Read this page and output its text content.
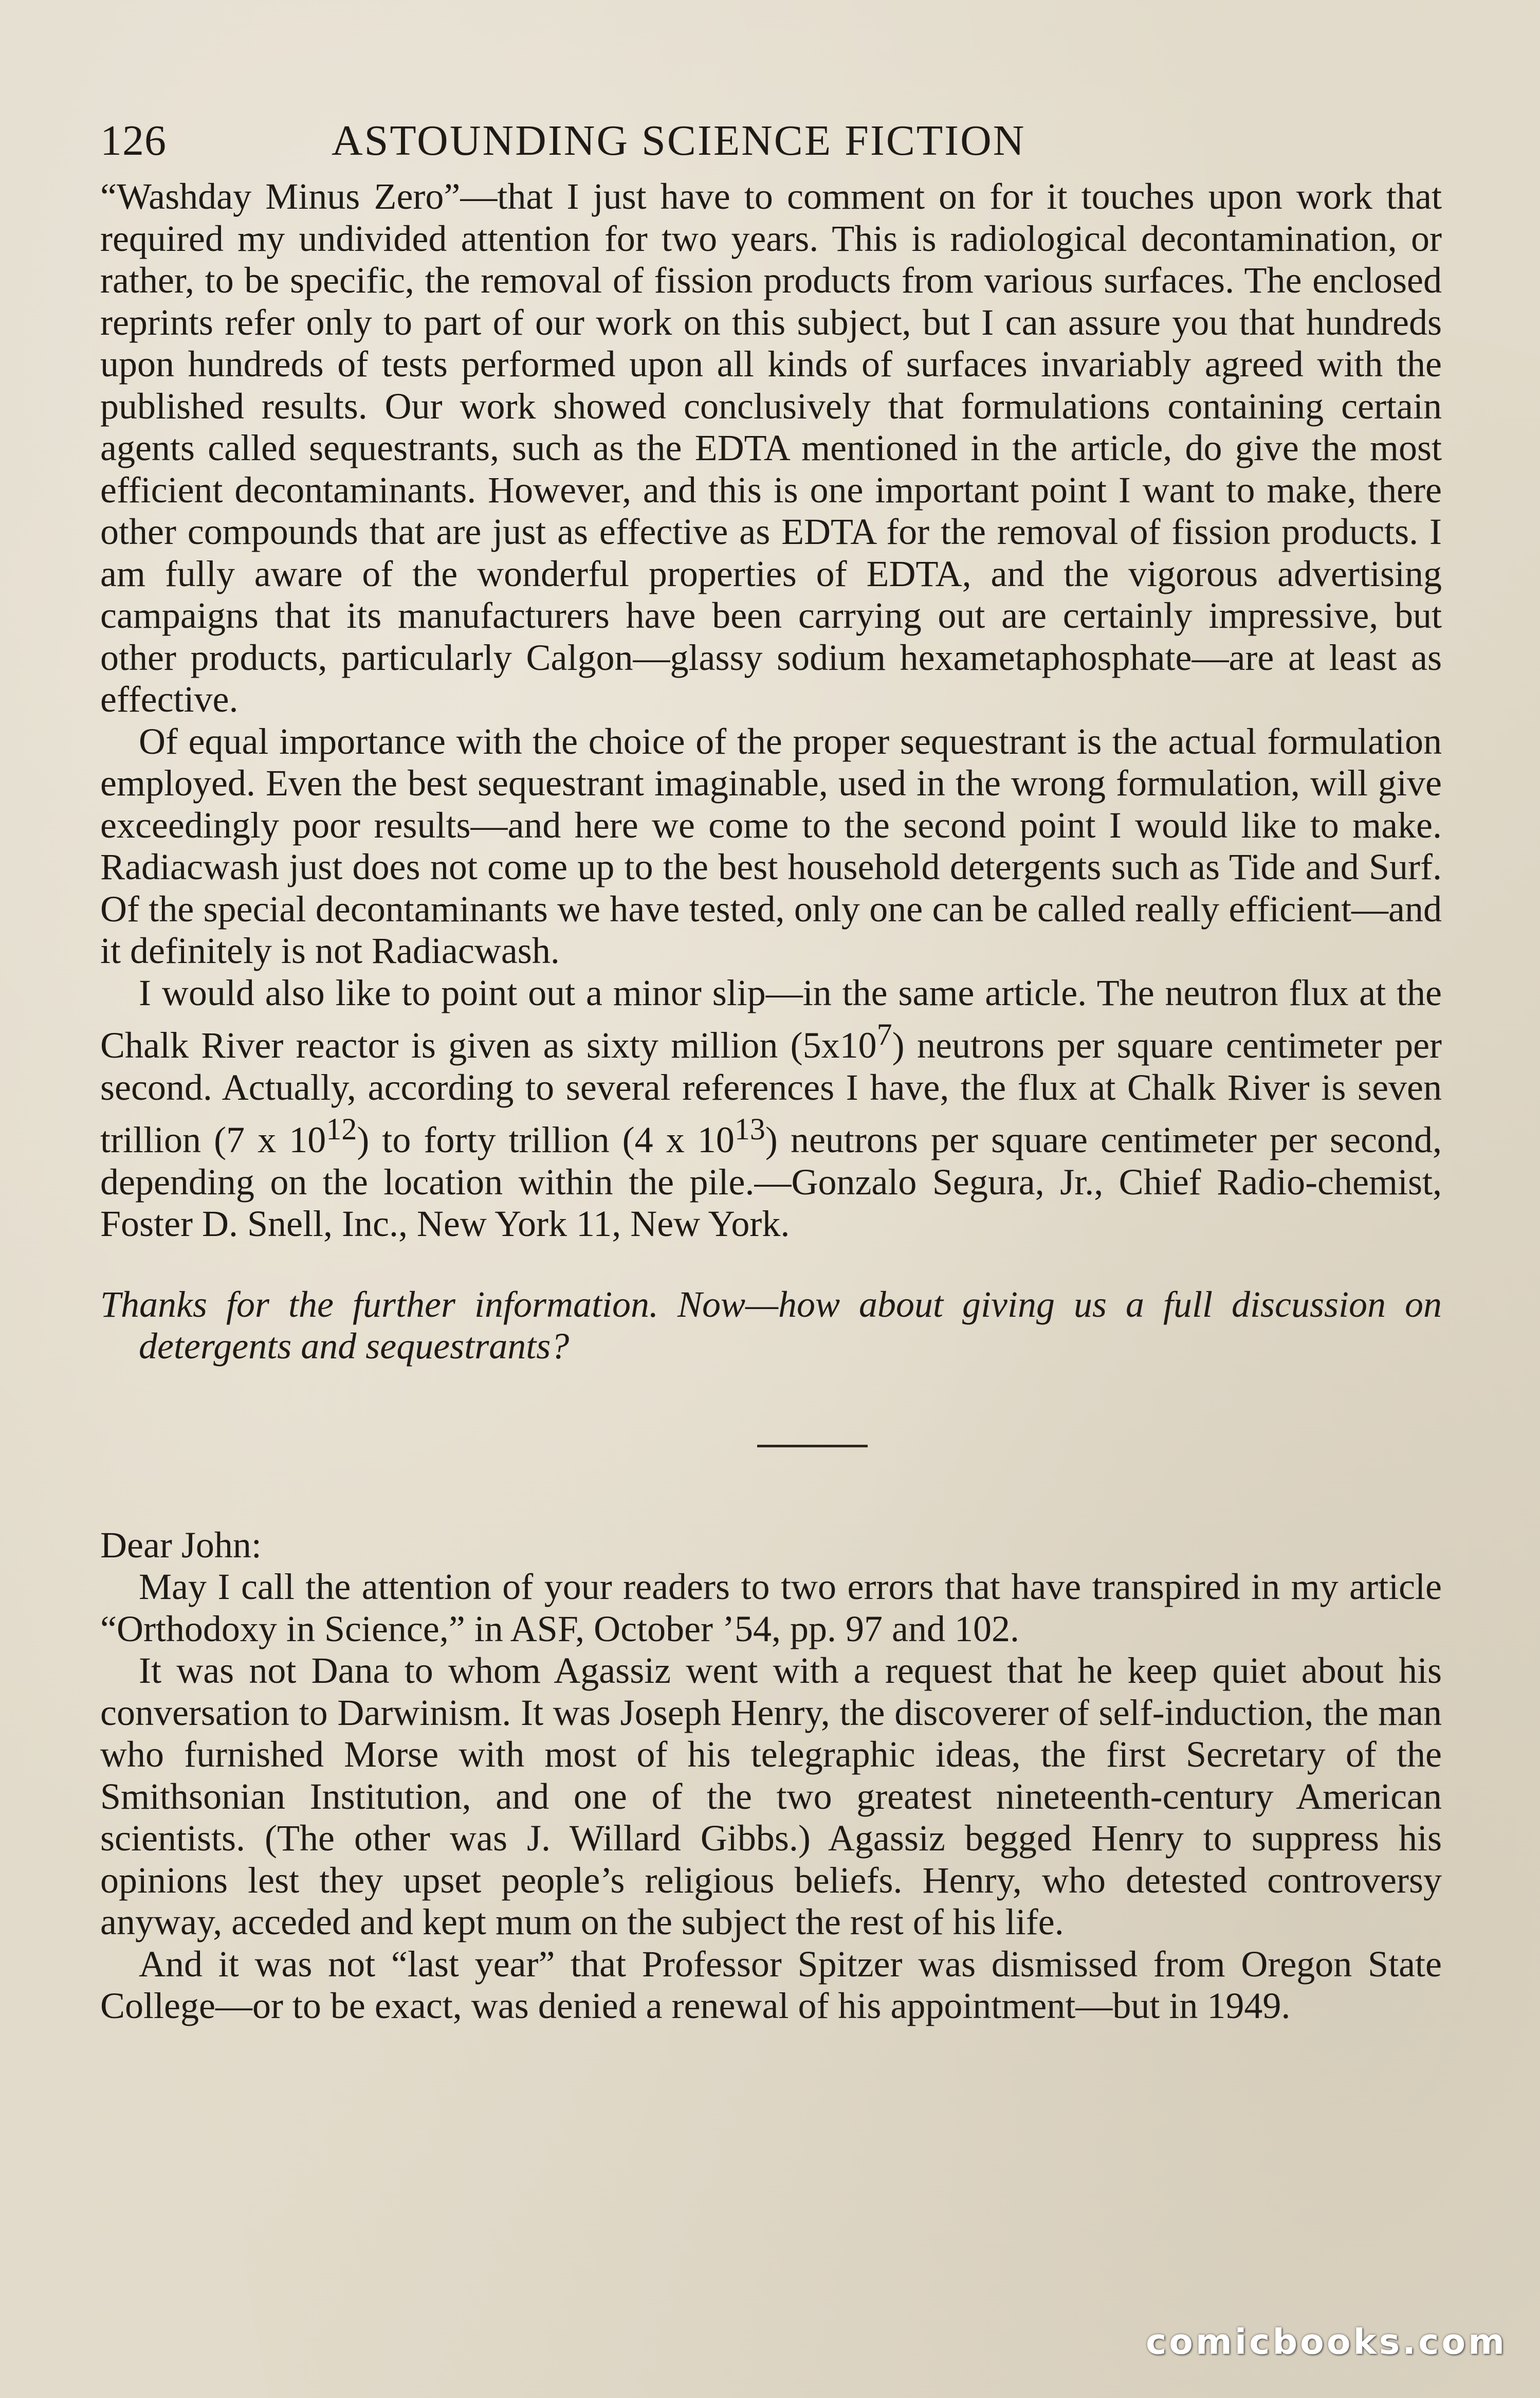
126	ASTOUNDING SCIENCE FICTION

“Washday Minus Zero”—that I just have to comment on for it touches upon work that required my undivided attention for two years. This is radiological decontamination, or rather, to be specific, the removal of fission products from various surfaces. The enclosed reprints refer only to part of our work on this subject, but I can assure you that hundreds upon hundreds of tests performed upon all kinds of surfaces invariably agreed with the published results. Our work showed conclusively that formulations containing certain agents called sequestrants, such as the EDTA mentioned in the article, do give the most efficient decontaminants. However, and this is one important point I want to make, there other compounds that are just as effective as EDTA for the removal of fission products. I am fully aware of the wonderful properties of EDTA, and the vigorous advertising campaigns that its manufacturers have been carrying out are certainly impressive, but other products, particularly Calgon—glassy sodium hexametaphosphate—are at least as effective.

Of equal importance with the choice of the proper sequestrant is the actual formulation employed. Even the best sequestrant imaginable, used in the wrong formulation, will give exceedingly poor results—and here we come to the second point I would like to make. Radiacwash just does not come up to the best household detergents such as Tide and Surf. Of the special decontaminants we have tested, only one can be called really efficient—and it definitely is not Radiacwash.

I would also like to point out a minor slip—in the same article. The neutron flux at the Chalk River reactor is given as sixty million $(5x10^7)$ neutrons per square centimeter per second. Actually, according to several references I have, the flux at Chalk River is seven trillion (7 x $10^{12}$) to forty trillion (4 x $10^{13}$) neutrons per square centimeter per second, depending on the location within the pile.—Gonzalo Segura, Jr., Chief Radio-chemist, Foster D. Snell, Inc., New York 11, New York.

Thanks for the further information. Now—how about giving us a full discussion on detergents and sequestrants?

Dear John:

May I call the attention of your readers to two errors that have transpired in my article “Orthodoxy in Science,” in ASF, October ’54, pp. 97 and 102.

It was not Dana to whom Agassiz went with a request that he keep quiet about his conversation to Darwinism. It was Joseph Henry, the discoverer of self-induction, the man who furnished Morse with most of his telegraphic ideas, the first Secretary of the Smithsonian Institution, and one of the two greatest nineteenth-century American scientists. (The other was J. Willard Gibbs.) Agassiz begged Henry to suppress his opinions lest they upset people’s religious beliefs. Henry, who detested controversy anyway, acceded and kept mum on the subject the rest of his life.

And it was not “last year” that Professor Spitzer was dismissed from Oregon State College—or to be exact, was denied a renewal of his appointment—but in 1949.

comicbooks.com
